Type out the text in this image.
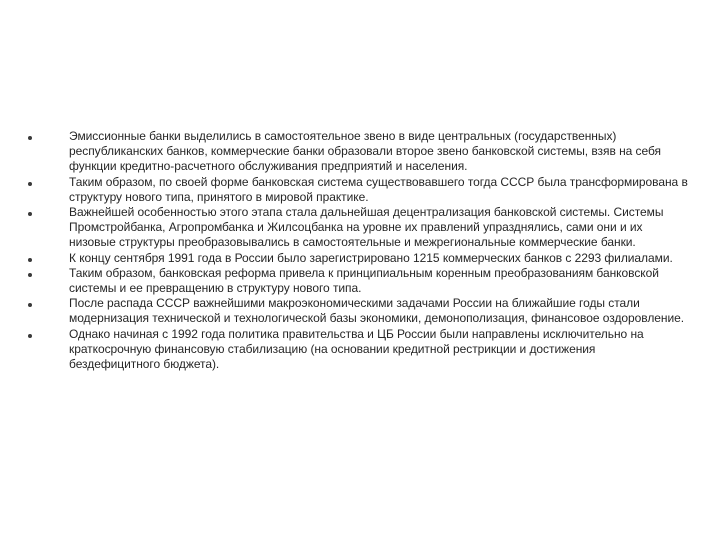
Эмиссионные банки выделились в самостоятельное звено в виде центральных (государственных) республиканских банков, коммерческие банки образовали второе звено банковской системы, взяв на себя функции кредитно-расчетного обслуживания предприятий и населения.
Таким образом, по своей форме банковская система существовавшего тогда СССР была трансформирована в структуру нового типа, принятого в мировой практике.
Важнейшей особенностью этого этапа стала дальнейшая децентрализация банковской системы. Системы Промстройбанка, Агропромбанка и Жилсоцбанка на уровне их правлений упразднялись, сами они и их низовые структуры преобразовывались в самостоятельные и межрегиональные коммерческие банки.
К концу сентября 1991 года в России было зарегистрировано 1215 коммерческих банков с 2293 филиалами.
Таким образом, банковская реформа привела к принципиальным коренным преобразованиям банковской системы и ее превращению в структуру нового типа.
После распада СССР важнейшими макроэкономическими задачами России на ближайшие годы стали модернизация технической и технологической базы экономики, демонополизация, финансовое оздоровление.
Однако начиная с 1992 года политика правительства и ЦБ России были направлены исключительно на краткосрочную финансовую стабилизацию (на основании кредитной рестрикции и достижения бездефицитного бюджета).
